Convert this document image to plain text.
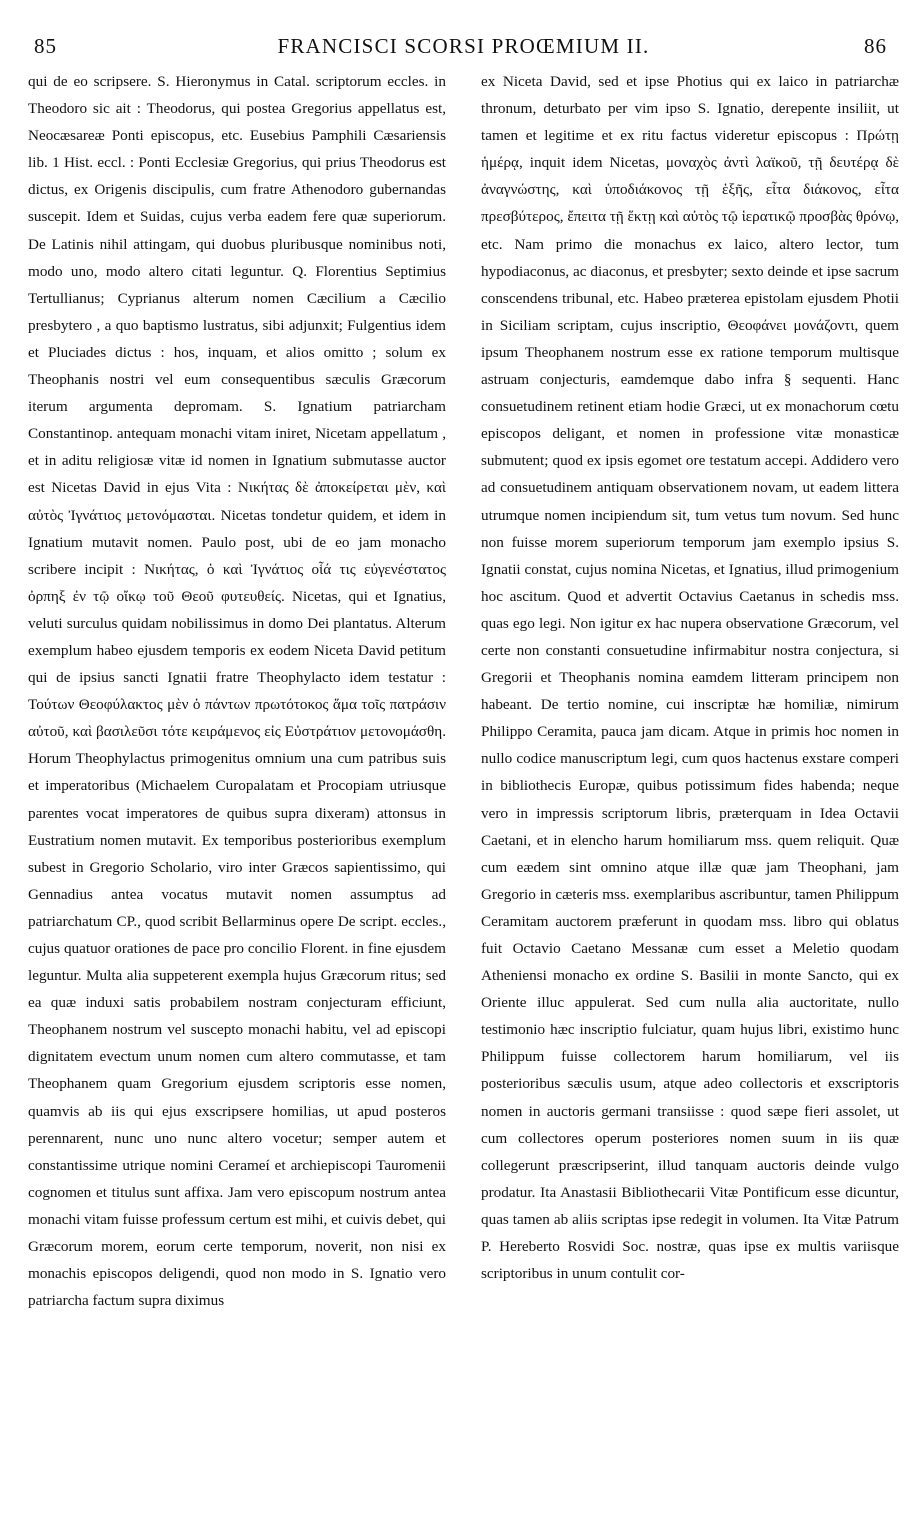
85	FRANCISCI SCORSI PROŒMIUM II.	86

qui de eo scripsere. S. Hieronymus in Catal. scriptorum eccles. in Theodoro sic ait : Theodorus, qui postea Gregorius appellatus est, Neocæsareæ Ponti episcopus, etc. Eusebius Pamphili Cæsariensis lib. 1 Hist. eccl. : Ponti Ecclesiæ Gregorius, qui prius Theodorus est dictus, ex Origenis discipulis, cum fratre Athenodoro gubernandas suscepit. Idem et Suidas, cujus verba eadem fere quæ superiorum. De Latinis nihil attingam, qui duobus pluribusque nominibus noti, modo uno, modo altero citati leguntur. Q. Florentius Septimius Tertullianus; Cyprianus alterum nomen Cæcilium a Cæcilio presbytero , a quo baptismo lustratus, sibi adjunxit; Fulgentius idem et Pluciades dictus : hos, inquam, et alios omitto ; solum ex Theophanis nostri vel eum consequentibus sæculis Græcorum iterum argumenta depromam. S. Ignatium patriarcham Constantinop. antequam monachi vitam iniret, Nicetam appellatum , et in aditu religiosæ vitæ id nomen in Ignatium submutasse auctor est Nicetas David in ejus Vita : Νικήτας δὲ ἀποκείρεται μὲν, καὶ αὐτὸς Ἰγνάτιος μετονόμασται. Nicetas tondetur quidem, et idem in Ignatium mutavit nomen. Paulo post, ubi de eo jam monacho scribere incipit : Νικήτας, ὁ καὶ Ἰγνάτιος οἷά τις εὐγενέστατος ὀρπηξ ἐν τῷ οἴκῳ τοῦ Θεοῦ φυτευθείς. Nicetas, qui et Ignatius, veluti surculus quidam nobilissimus in domo Dei plantatus. Alterum exemplum habeo ejusdem temporis ex eodem Niceta David petitum qui de ipsius sancti Ignatii fratre Theophylacto idem testatur : Τούτων Θεοφύλακτος μὲν ὁ πάντων πρωτότοκος ἅμα τοῖς πατράσιν αὐτοῦ, καὶ βασιλεῦσι τότε κειράμενος εἰς Εὐστράτιον μετονομάσθη. Horum Theophylactus primogenitus omnium una cum patribus suis et imperatoribus (Michaelem Curopalatam et Procopiam utriusque parentes vocat imperatores de quibus supra dixeram) attonsus in Eustratium nomen mutavit. Ex temporibus posterioribus exemplum subest in Gregorio Scholario, viro inter Græcos sapientissimo, qui Gennadius antea vocatus mutavit nomen assumptus ad patriarchatum CP., quod scribit Bellarminus opere De script. eccles., cujus quatuor orationes de pace pro concilio Florent. in fine ejusdem leguntur. Multa alia suppeterent exempla hujus Græcorum ritus; sed ea quæ induxi satis probabilem nostram conjecturam efficiunt, Theophanem nostrum vel suscepto monachi habitu, vel ad episcopi dignitatem evectum unum nomen cum altero commutasse, et tam Theophanem quam Gregorium ejusdem scriptoris esse nomen, quamvis ab iis qui ejus exscripsere homilias, ut apud posteros perennarent, nunc uno nunc altero vocetur; semper autem et constantissime utrique nomini Cerameí et archiepiscopi Tauromenii cognomen et titulus sunt affixa. Jam vero episcopum nostrum antea monachi vitam fuisse professum certum est mihi, et cuivis debet, qui Græcorum morem, eorum certe temporum, noverit, non nisi ex monachis episcopos deligendi, quod non modo in S. Ignatio vero patriarcha factum supra diximus

ex Niceta David, sed et ipse Photius qui ex laico in patriarchæ thronum, deturbato per vim ipso S. Ignatio, derepente insiliit, ut tamen et legitime et ex ritu factus videretur episcopus : Πρώτῃ ἡμέρᾳ, inquit idem Nicetas, μοναχὸς ἀντὶ λαϊκοῦ, τῇ δευτέρᾳ δὲ ἀναγνώστης, καὶ ὑποδιάκονος τῇ ἑξῆς, εἶτα διάκονος, εἶτα πρεσβύτερος, ἔπειτα τῇ ἕκτῃ καὶ αὐτὸς τῷ ἱερατικῷ προσβὰς θρόνῳ, etc. Nam primo die monachus ex laico, altero lector, tum hypodiaconus, ac diaconus, et presbyter; sexto deinde et ipse sacrum conscendens tribunal, etc. Habeo præterea epistolam ejusdem Photii in Siciliam scriptam, cujus inscriptio, Θεοφάνει μονάζοντι, quem ipsum Theophanem nostrum esse ex ratione temporum multisque astruam conjecturis, eamdemque dabo infra § sequenti. Hanc consuetudinem retinent etiam hodie Græci, ut ex monachorum cœtu episcopos deligant, et nomen in professione vitæ monasticæ submutent; quod ex ipsis egomet ore testatum accepi. Addidero vero ad consuetudinem antiquam observationem novam, ut eadem littera utrumque nomen incipiendum sit, tum vetus tum novum. Sed hunc non fuisse morem superiorum temporum jam exemplo ipsius S. Ignatii constat, cujus nomina Nicetas, et Ignatius, illud primogenium hoc ascitum. Quod et advertit Octavius Caetanus in schedis mss. quas ego legi. Non igitur ex hac nupera observatione Græcorum, vel certe non constanti consuetudine infirmabitur nostra conjectura, si Gregorii et Theophanis nomina eamdem litteram principem non habeant. De tertio nomine, cui inscriptæ hæ homiliæ, nimirum Philippo Ceramita, pauca jam dicam. Atque in primis hoc nomen in nullo codice manuscriptum legi, cum quos hactenus exstare comperi in bibliothecis Europæ, quibus potissimum fides habenda; neque vero in impressis scriptorum libris, præterquam in Idea Octavii Caetani, et in elencho harum homiliarum mss. quem reliquit. Quæ cum eædem sint omnino atque illæ quæ jam Theophani, jam Gregorio in cæteris mss. exemplaribus ascribuntur, tamen Philippum Ceramitam auctorem præferunt in quodam mss. libro qui oblatus fuit Octavio Caetano Messanæ cum esset a Meletio quodam Atheniensi monacho ex ordine S. Basilii in monte Sancto, qui ex Oriente illuc appulerat. Sed cum nulla alia auctoritate, nullo testimonio hæc inscriptio fulciatur, quam hujus libri, existimo hunc Philippum fuisse collectorem harum homiliarum, vel iis posterioribus sæculis usum, atque adeo collectoris et exscriptoris nomen in auctoris germani transiisse : quod sæpe fieri assolet, ut cum collectores operum posteriores nomen suum in iis quæ collegerunt præscripserint, illud tanquam auctoris deinde vulgo prodatur. Ita Anastasii Bibliothecarii Vitæ Pontificum esse dicuntur, quas tamen ab aliis scriptas ipse redegit in volumen. Ita Vitæ Patrum P. Hereberto Rosvidi Soc. nostræ, quas ipse ex multis variisque scriptoribus in unum contulit cor-
